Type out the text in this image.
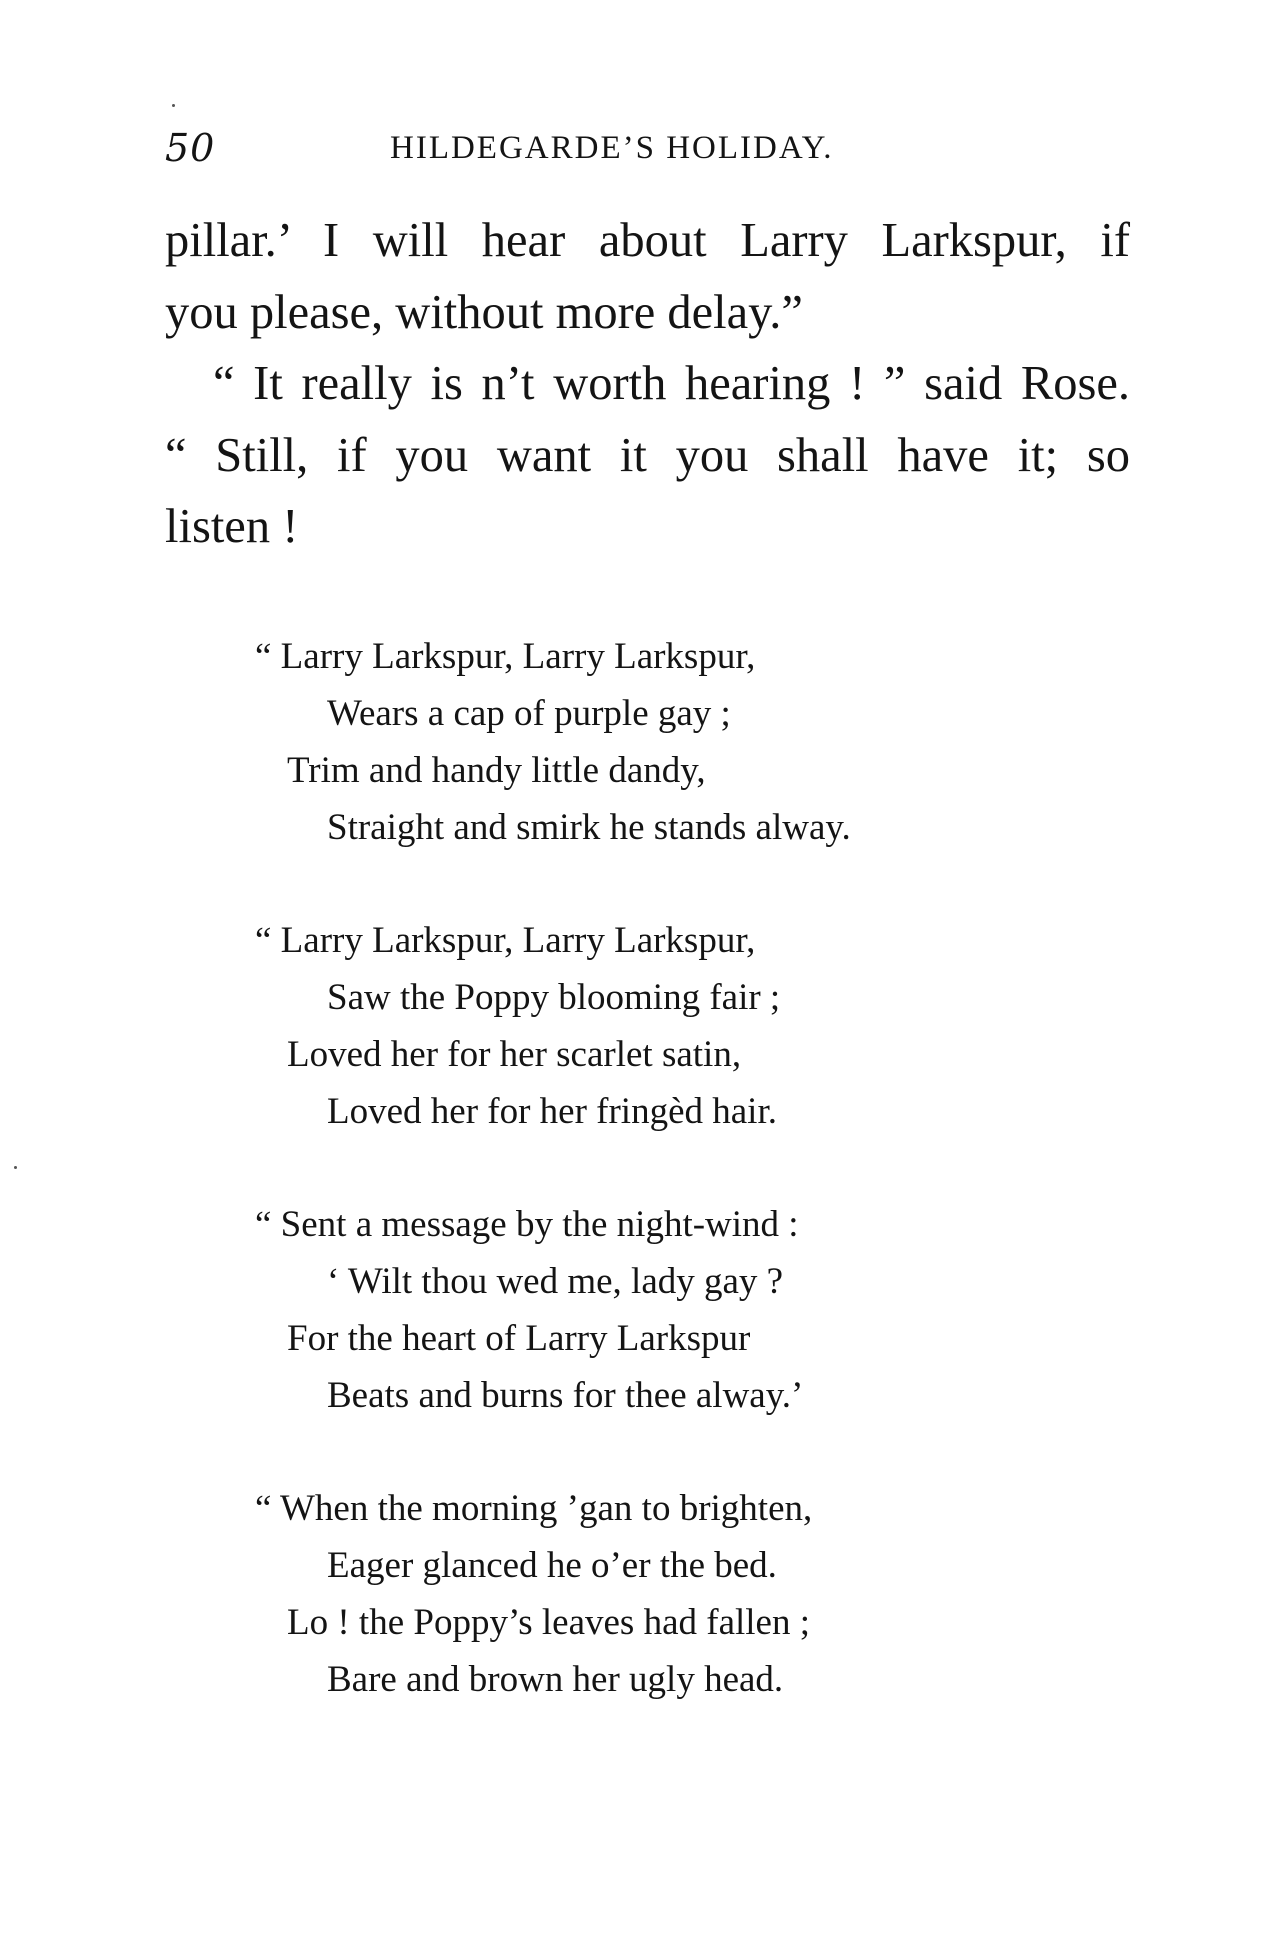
50	HILDEGARDE’S HOLIDAY.
pillar.’ I will hear about Larry Larkspur, if
you please, without more delay.”
“ It really is n’t worth hearing ! ” said Rose.
“ Still, if you want it you shall have it; so
listen !
“ Larry Larkspur, Larry Larkspur,
Wears a cap of purple gay ;
Trim and handy little dandy,
Straight and smirk he stands alway.
“ Larry Larkspur, Larry Larkspur,
Saw the Poppy blooming fair ;
Loved her for her scarlet satin,
Loved her for her fringèd hair.
“ Sent a message by the night-wind :
‘ Wilt thou wed me, lady gay ?
For the heart of Larry Larkspur
Beats and burns for thee alway.’
“ When the morning ’gan to brighten,
Eager glanced he o’er the bed.
Lo ! the Poppy’s leaves had fallen ;
Bare and brown her ugly head.
